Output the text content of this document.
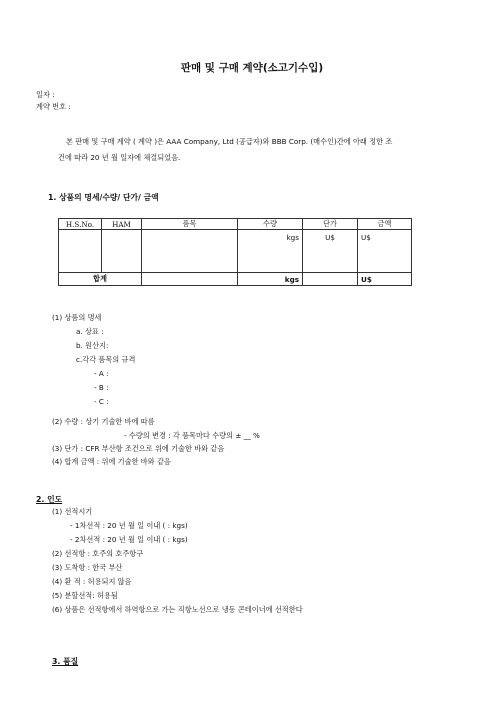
판매 및 구매 계약(소고기수입)
일자 :
계약 번호 :
본 판매 및 구매 계약 ( 계약 )은 AAA Company, Ltd (공급자)와 BBB Corp. (매수인)간에 아래 정한 조
건에 따라 20 년 월 일자에 체결되었음.
1. 상품의 명세/수량/ 단가/ 금액
H.S.No.	HAM	품목	수량	단가	금액
			kgs	U$	U$

합계			kgs		U$
(1) 상품의 명세
a. 상표 :
b. 원산지:
c.각각 품목의 규격
- A :
- B :
- C :
(2) 수량 : 상기 기술한 바에 따름
- 수량의 변경 : 각 품목마다 수량의 ± __ %
(3) 단가 : CFR 부산항 조건으로 위에 기술한 바와 같음
(4) 합계 금액 : 위에 기술한 바와 같음
2. 인도
(1) 선적시기
- 1차선적 : 20 년 월 일 이내 ( : kgs)
- 2차선적 : 20 년 월 일 이내 ( : kgs)
(2) 선적항 : 호주의 호주항구
(3) 도착항 : 한국 부산
(4) 환 적 : 허용되지 않음
(5) 분할선적: 허용됨
(6) 상품은 선적항에서 하역항으로 가는 직항노선으로 냉동 콘테이너에 선적한다
3. 품질
